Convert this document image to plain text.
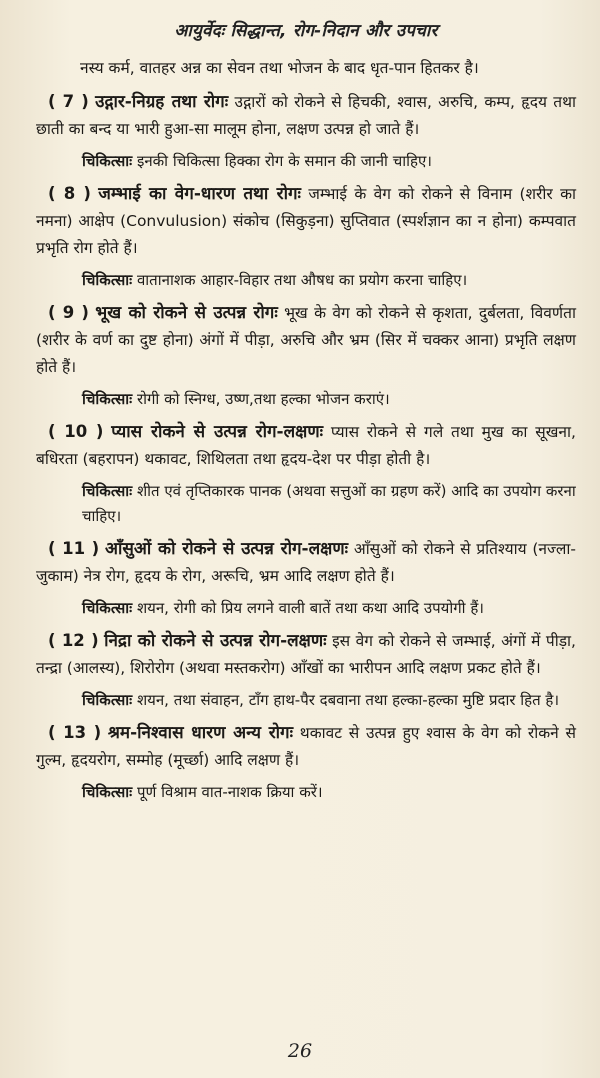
आयुर्वेदः सिद्धान्त, रोग-निदान और उपचार

नस्य कर्म, वातहर अन्न का सेवन तथा भोजन के बाद धृत-पान हितकर है।

( 7 ) उद्गार-निग्रह तथा रोगः उद्गारों को रोकने से हिचकी, श्वास, अरुचि, कम्प, हृदय तथा छाती का बन्द या भारी हुआ-सा मालूम होना, लक्षण उत्पन्न हो जाते हैं।

चिकित्साः इनकी चिकित्सा हिक्का रोग के समान की जानी चाहिए।

( 8 ) जम्भाई का वेग-धारण तथा रोगः जम्भाई के वेग को रोकने से विनाम (शरीर का नमना) आक्षेप (Convulusion) संकोच (सिकुड़ना) सुप्तिवात (स्पर्शज्ञान का न होना) कम्पवात प्रभृति रोग होते हैं।

चिकित्साः वातानाशक आहार-विहार तथा औषध का प्रयोग करना चाहिए।

( 9 ) भूख को रोकने से उत्पन्न रोगः भूख के वेग को रोकने से कृशता, दुर्बलता, विवर्णता (शरीर के वर्ण का दुष्ट होना) अंगों में पीड़ा, अरुचि और भ्रम (सिर में चक्कर आना) प्रभृति लक्षण होते हैं।

चिकित्साः रोगी को स्निग्ध, उष्ण,तथा हल्का भोजन कराएं।

( 10 ) प्यास रोकने से उत्पन्न रोग-लक्षणः प्यास रोकने से गले तथा मुख का सूखना, बधिरता (बहरापन) थकावट, शिथिलता तथा हृदय-देश पर पीड़ा होती है।

चिकित्साः शीत एवं तृप्तिकारक पानक (अथवा सत्तुओं का ग्रहण करें) आदि का उपयोग करना चाहिए।

( 11 ) आँसुओं को रोकने से उत्पन्न रोग-लक्षणः आँसुओं को रोकने से प्रतिश्याय (नज्ला-जुकाम) नेत्र रोग, हृदय के रोग, अरूचि, भ्रम आदि लक्षण होते हैं।

चिकित्साः शयन, रोगी को प्रिय लगने वाली बातें तथा कथा आदि उपयोगी हैं।

( 12 ) निद्रा को रोकने से उत्पन्न रोग-लक्षणः इस वेग को रोकने से जम्भाई, अंगों में पीड़ा, तन्द्रा (आलस्य), शिरोरोग (अथवा मस्तकरोग) आँखों का भारीपन आदि लक्षण प्रकट होते हैं।

चिकित्साः शयन, तथा संवाहन, टाँग हाथ-पैर दबवाना तथा हल्का-हल्का मुष्टि प्रदार हित है।

( 13 ) श्रम-निश्वास धारण अन्य रोगः थकावट से उत्पन्न हुए श्वास के वेग को रोकने से गुल्म, हृदयरोग, सम्मोह (मूर्च्छा) आदि लक्षण हैं।

चिकित्साः पूर्ण विश्राम वात-नाशक क्रिया करें।

26
